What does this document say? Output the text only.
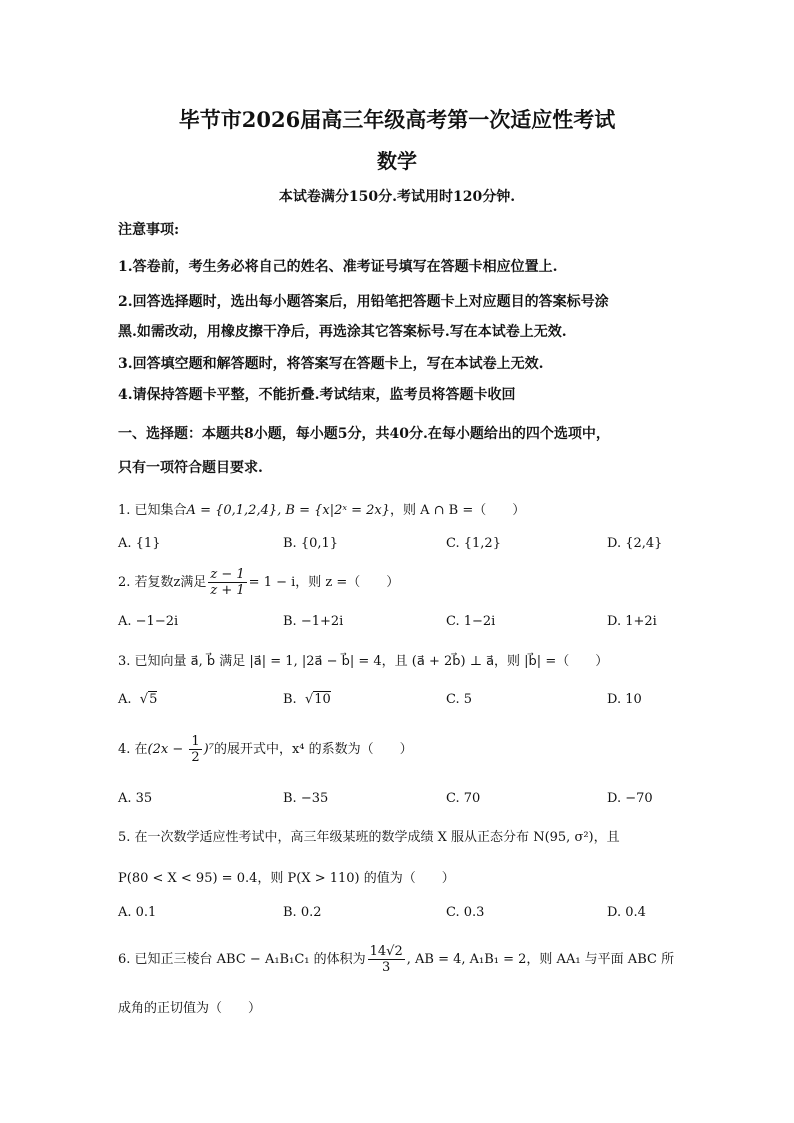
毕节市2026届高三年级高考第一次适应性考试
数学
本试卷满分150分.考试用时120分钟.
注意事项:
1.答卷前，考生务必将自己的姓名、准考证号填写在答题卡相应位置上.
2.回答选择题时，选出每小题答案后，用铅笔把答题卡上对应题目的答案标号涂
黑.如需改动，用橡皮擦干净后，再选涂其它答案标号.写在本试卷上无效.
3.回答填空题和解答题时，将答案写在答题卡上，写在本试卷上无效.
4.请保持答题卡平整，不能折叠.考试结束，监考员将答题卡收回
一、选择题：本题共8小题，每小题5分，共40分.在每小题给出的四个选项中，
只有一项符合题目要求.
1. 已知集合A = {0,1,2,4}, B = {x|2ˣ = 2x}，则 A ∩ B =（　　）
A. {1}	B. {0,1}	C. {1,2}	D. {2,4}
2. 若复数z满足 $\frac{z - 1}{z + 1} = 1 - i$，则 z =（　　）
A. −1−2i	B. −1+2i	C. 1−2i	D. 1+2i
3. 已知向量 a⃗, b⃗ 满足 |a⃗| = 1, |2a⃗ − b⃗| = 4，且 (a⃗ + 2b⃗) ⊥ a⃗，则 |b⃗| =（　　）
A.  √5	B.  √10	C. 5	D. 10
4. 在$(2x - \frac{1}{2} )^7$的展开式中，x⁴ 的系数为（　　）
A. 35	B. −35	C. 70	D. −70
5. 在一次数学适应性考试中，高三年级某班的数学成绩 X 服从正态分布 N(95, σ²)，且
P(80 < X < 95) = 0.4，则 P(X > 110) 的值为（　　）
A. 0.1	B. 0.2	C. 0.3	D. 0.4
6. 已知正三棱台 ABC − A₁B₁C₁ 的体积为 $\frac{14√2}{3}$ , AB = 4, A₁B₁ = 2，则 AA₁ 与平面 ABC 所
成角的正切值为（　　）
